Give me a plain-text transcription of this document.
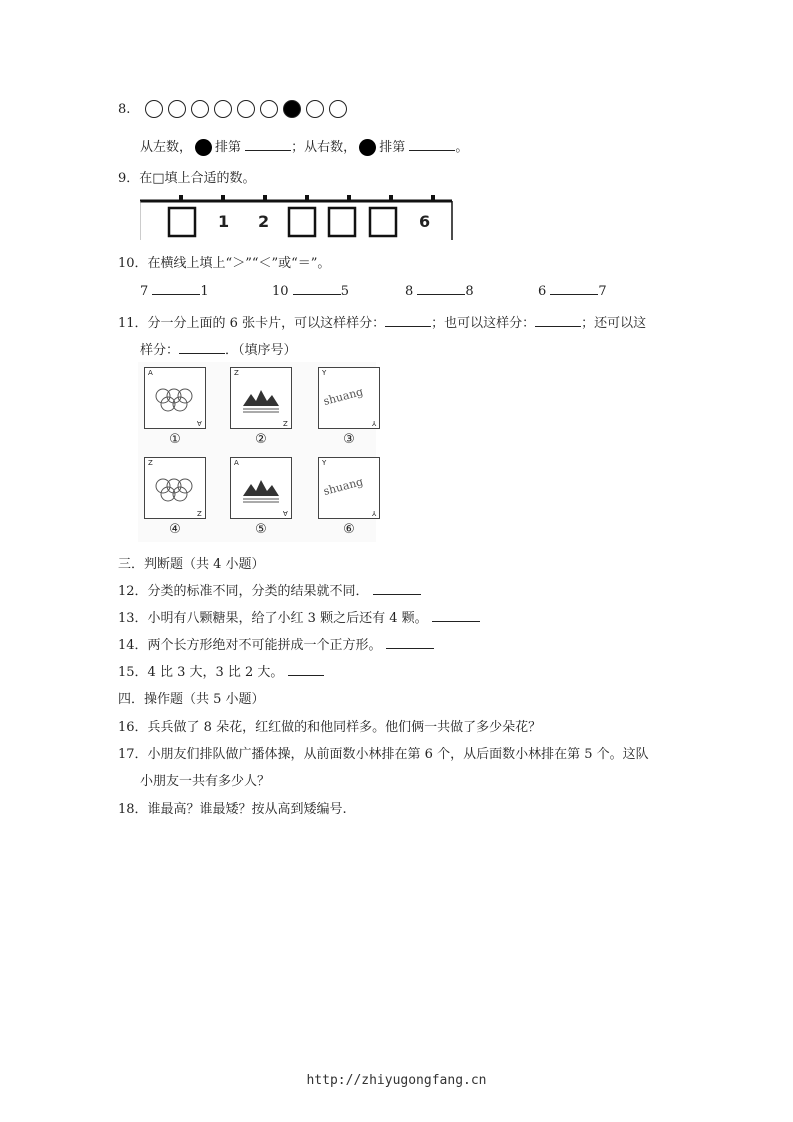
8.
从左数， 排第	；从右数， 排第	。
9．在□填上合适的数。
1 2	6
10．在横线上填上“＞”“＜”或“＝”。
7	1	10	5	8	8	6	7
11．分一分上面的 6 张卡片，可以这样样分：	；也可以这样分：	；还可以这
样分：	．（填序号）
A
A
①
Z
Z
②
Y
shuang
Y
③
Z
Z
④
A
A
⑤
Y
shuang
Y
⑥
三．判断题（共 4 小题）
12．分类的标准不同，分类的结果就不同．
13．小明有八颗糖果，给了小红 3 颗之后还有 4 颗。
14．两个长方形绝对不可能拼成一个正方形。
15．4 比 3 大，3 比 2 大。
四．操作题（共 5 小题）
16．兵兵做了 8 朵花，红红做的和他同样多。他们俩一共做了多少朵花？
17．小朋友们排队做广播体操，从前面数小林排在第 6 个，从后面数小林排在第 5 个。这队
小朋友一共有多少人？
18．谁最高？谁最矮？按从高到矮编号.
http://zhiyugongfang.cn
